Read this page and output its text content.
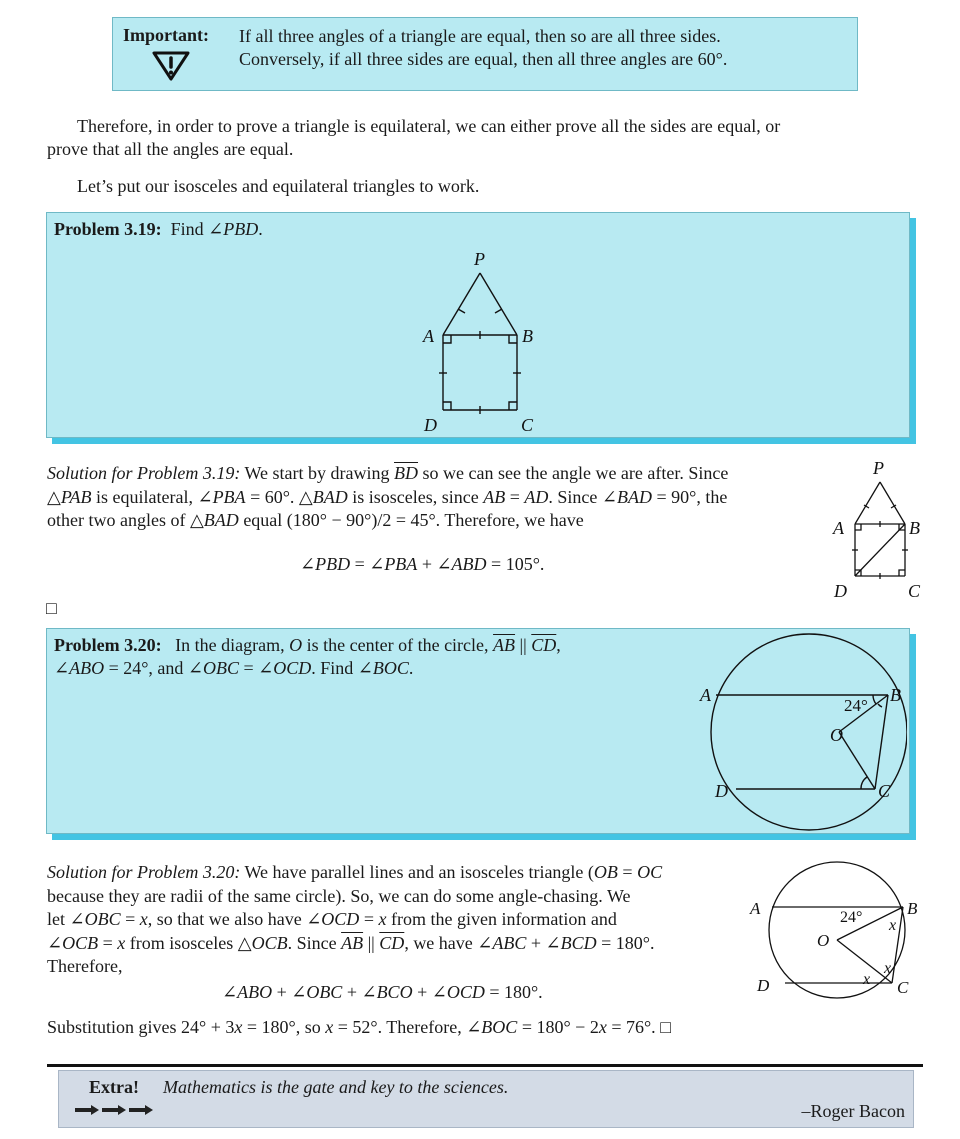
Important: If all three angles of a triangle are equal, then so are all three sides.
Conversely, if all three sides are equal, then all three angles are 60°.
Therefore, in order to prove a triangle is equilateral, we can either prove all the sides are equal, or
prove that all the angles are equal.
Let’s put our isosceles and equilateral triangles to work.
Problem 3.19: Find ∠PBD.
P
A	B
D	C
Solution for Problem 3.19: We start by drawing $\overline{BD}$ so we can see the angle we are after. Since
△PAB is equilateral, ∠PBA = 60°. △BAD is isosceles, since AB = AD. Since ∠BAD = 90°, the
other two angles of △BAD equal (180° − 90°)/2 = 45°. Therefore, we have
∠PBD = ∠PBA + ∠ABD = 105°.
□
P
A	B
D	C
Problem 3.20: In the diagram, O is the center of the circle, $\overline{AB}$ || $\overline{CD}$,
∠ABO = 24°, and ∠OBC = ∠OCD. Find ∠BOC.
A	B
D	C
O
24°
Solution for Problem 3.20: We have parallel lines and an isosceles triangle (OB = OC
because they are radii of the same circle). So, we can do some angle-chasing. We
let ∠OBC = x, so that we also have ∠OCD = x from the given information and
∠OCB = x from isosceles △OCB. Since $\overline{AB}$ || $\overline{CD}$, we have ∠ABC + ∠BCD = 180°.
Therefore,
∠ABO + ∠OBC + ∠BCO + ∠OCD = 180°.
Substitution gives 24° + 3x = 180°, so x = 52°. Therefore, ∠BOC = 180° − 2x = 76°. □
A	B
D	C
O
x
x
x
24°
Extra! Mathematics is the gate and key to the sciences.
–Roger Bacon
